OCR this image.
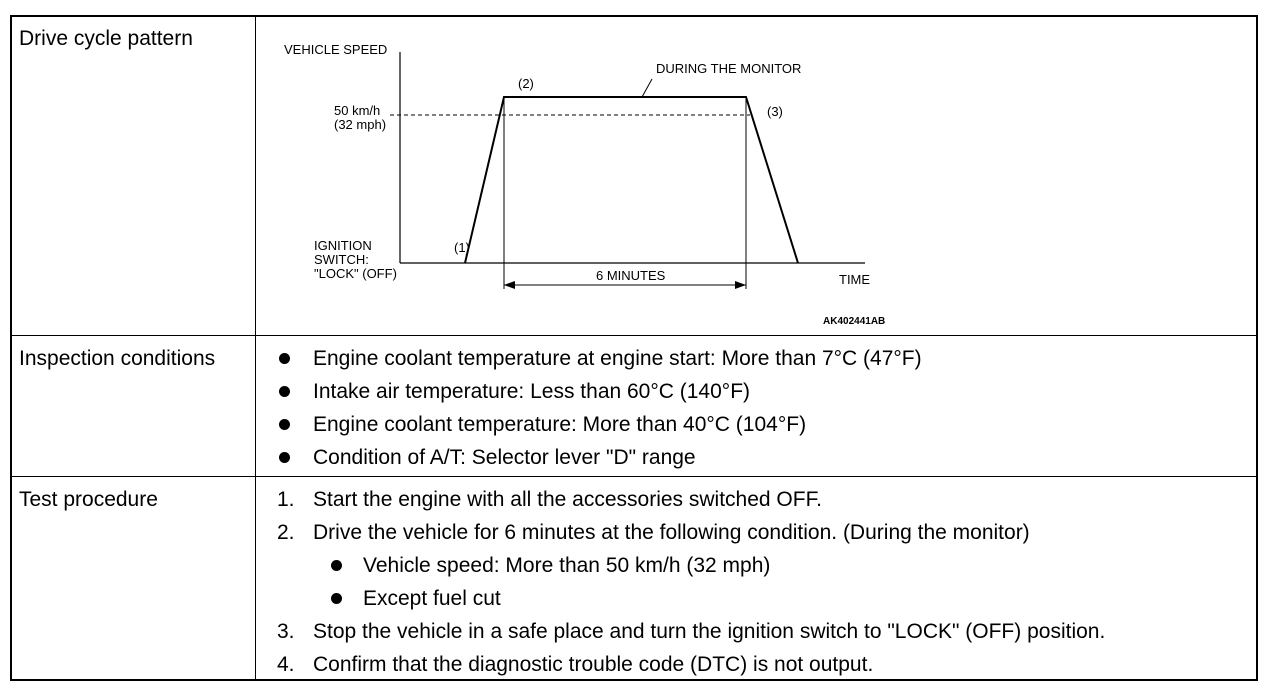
Drive cycle pattern	VEHICLE SPEED
50 km/h
(32 mph)
IGNITION
SWITCH:
"LOCK" (OFF)
(1)
(2)
(3)
DURING THE MONITOR
6 MINUTES	TIME
AK402441AB
Inspection conditions	Engine coolant temperature at engine start: More than 7°C (47°F)
Intake air temperature: Less than 60°C (140°F)
Engine coolant temperature: More than 40°C (104°F)
Condition of A/T: Selector lever "D" range
Test procedure	1. Start the engine with all the accessories switched OFF.
2. Drive the vehicle for 6 minutes at the following condition. (During the monitor)
Vehicle speed: More than 50 km/h (32 mph)
Except fuel cut
3. Stop the vehicle in a safe place and turn the ignition switch to "LOCK" (OFF) position.
4. Confirm that the diagnostic trouble code (DTC) is not output.
